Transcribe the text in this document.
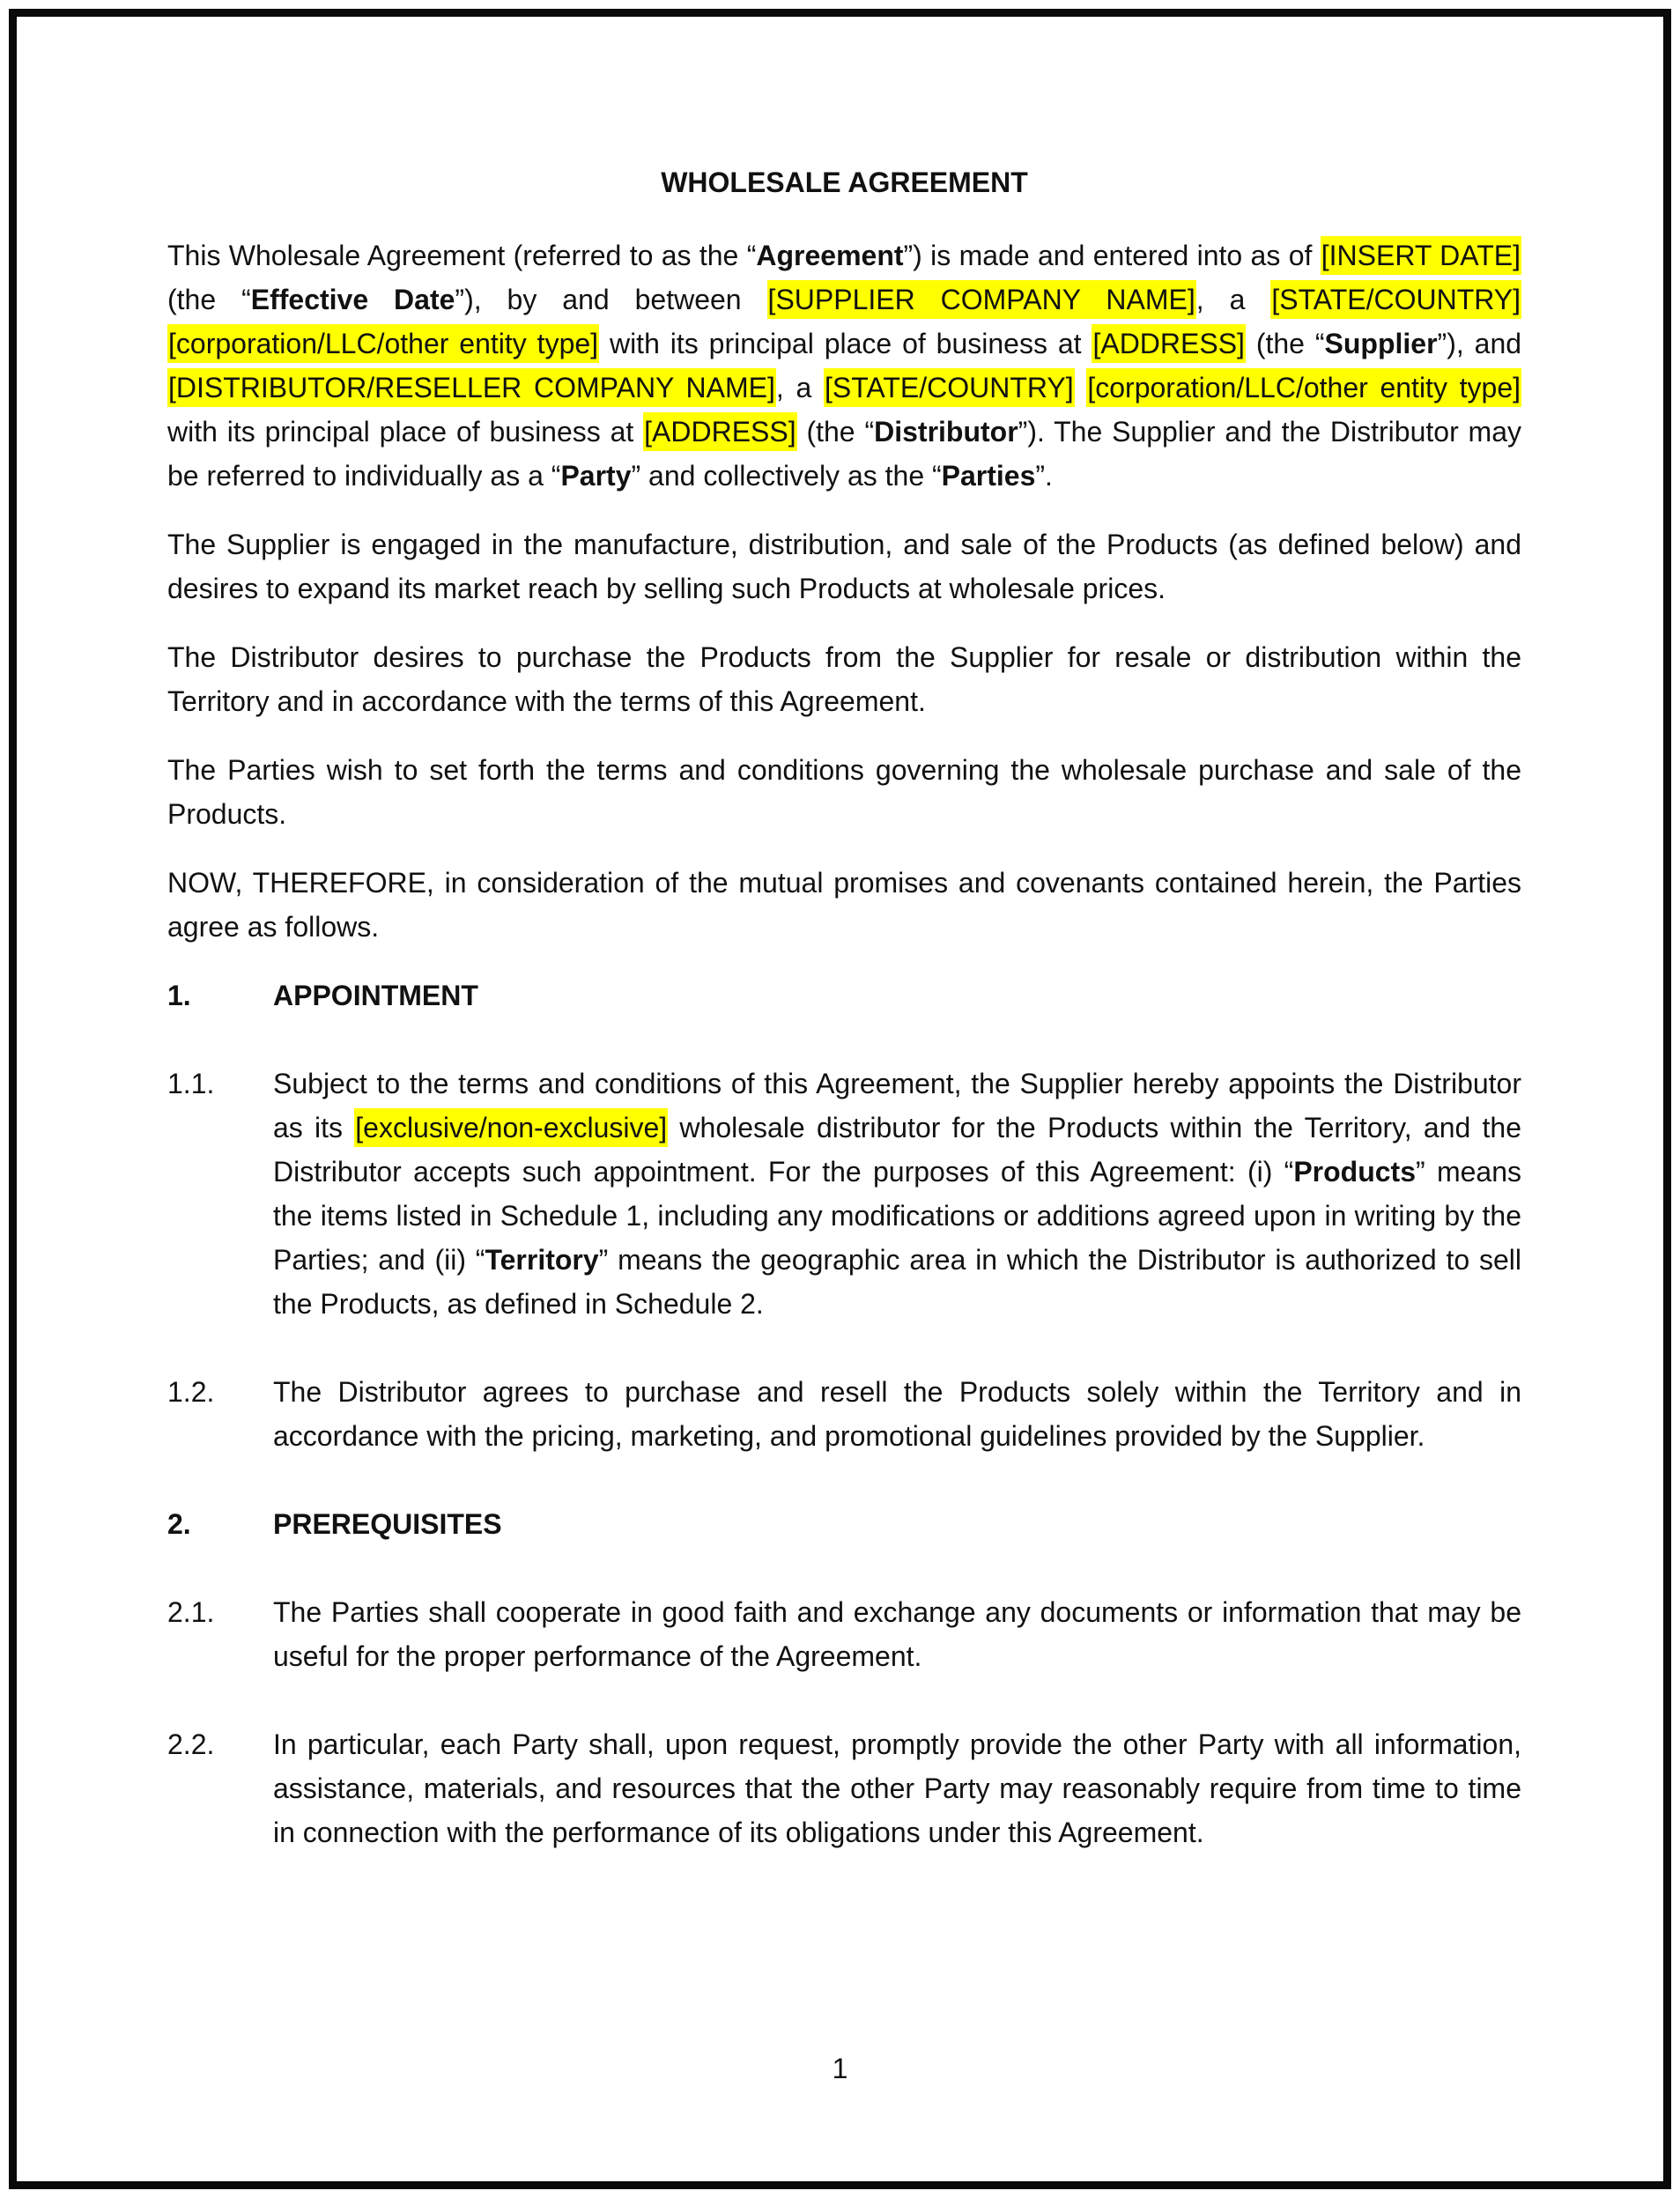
WHOLESALE AGREEMENT
This Wholesale Agreement (referred to as the “Agreement”) is made and entered into as of [INSERT DATE] (the “Effective Date”), by and between [SUPPLIER COMPANY NAME], a [STATE/COUNTRY] [corporation/LLC/other entity type] with its principal place of business at [ADDRESS] (the “Supplier”), and [DISTRIBUTOR/RESELLER COMPANY NAME], a [STATE/COUNTRY] [corporation/LLC/other entity type] with its principal place of business at [ADDRESS] (the “Distributor”). The Supplier and the Distributor may be referred to individually as a “Party” and collectively as the “Parties”.
The Supplier is engaged in the manufacture, distribution, and sale of the Products (as defined below) and desires to expand its market reach by selling such Products at wholesale prices.
The Distributor desires to purchase the Products from the Supplier for resale or distribution within the Territory and in accordance with the terms of this Agreement.
The Parties wish to set forth the terms and conditions governing the wholesale purchase and sale of the Products.
NOW, THEREFORE, in consideration of the mutual promises and covenants contained herein, the Parties agree as follows.
1.	APPOINTMENT
1.1. Subject to the terms and conditions of this Agreement, the Supplier hereby appoints the Distributor as its [exclusive/non-exclusive] wholesale distributor for the Products within the Territory, and the Distributor accepts such appointment. For the purposes of this Agreement: (i) “Products” means the items listed in Schedule 1, including any modifications or additions agreed upon in writing by the Parties; and (ii) “Territory” means the geographic area in which the Distributor is authorized to sell the Products, as defined in Schedule 2.
1.2. The Distributor agrees to purchase and resell the Products solely within the Territory and in accordance with the pricing, marketing, and promotional guidelines provided by the Supplier.
2.	PREREQUISITES
2.1. The Parties shall cooperate in good faith and exchange any documents or information that may be useful for the proper performance of the Agreement.
2.2. In particular, each Party shall, upon request, promptly provide the other Party with all information, assistance, materials, and resources that the other Party may reasonably require from time to time in connection with the performance of its obligations under this Agreement.
1
